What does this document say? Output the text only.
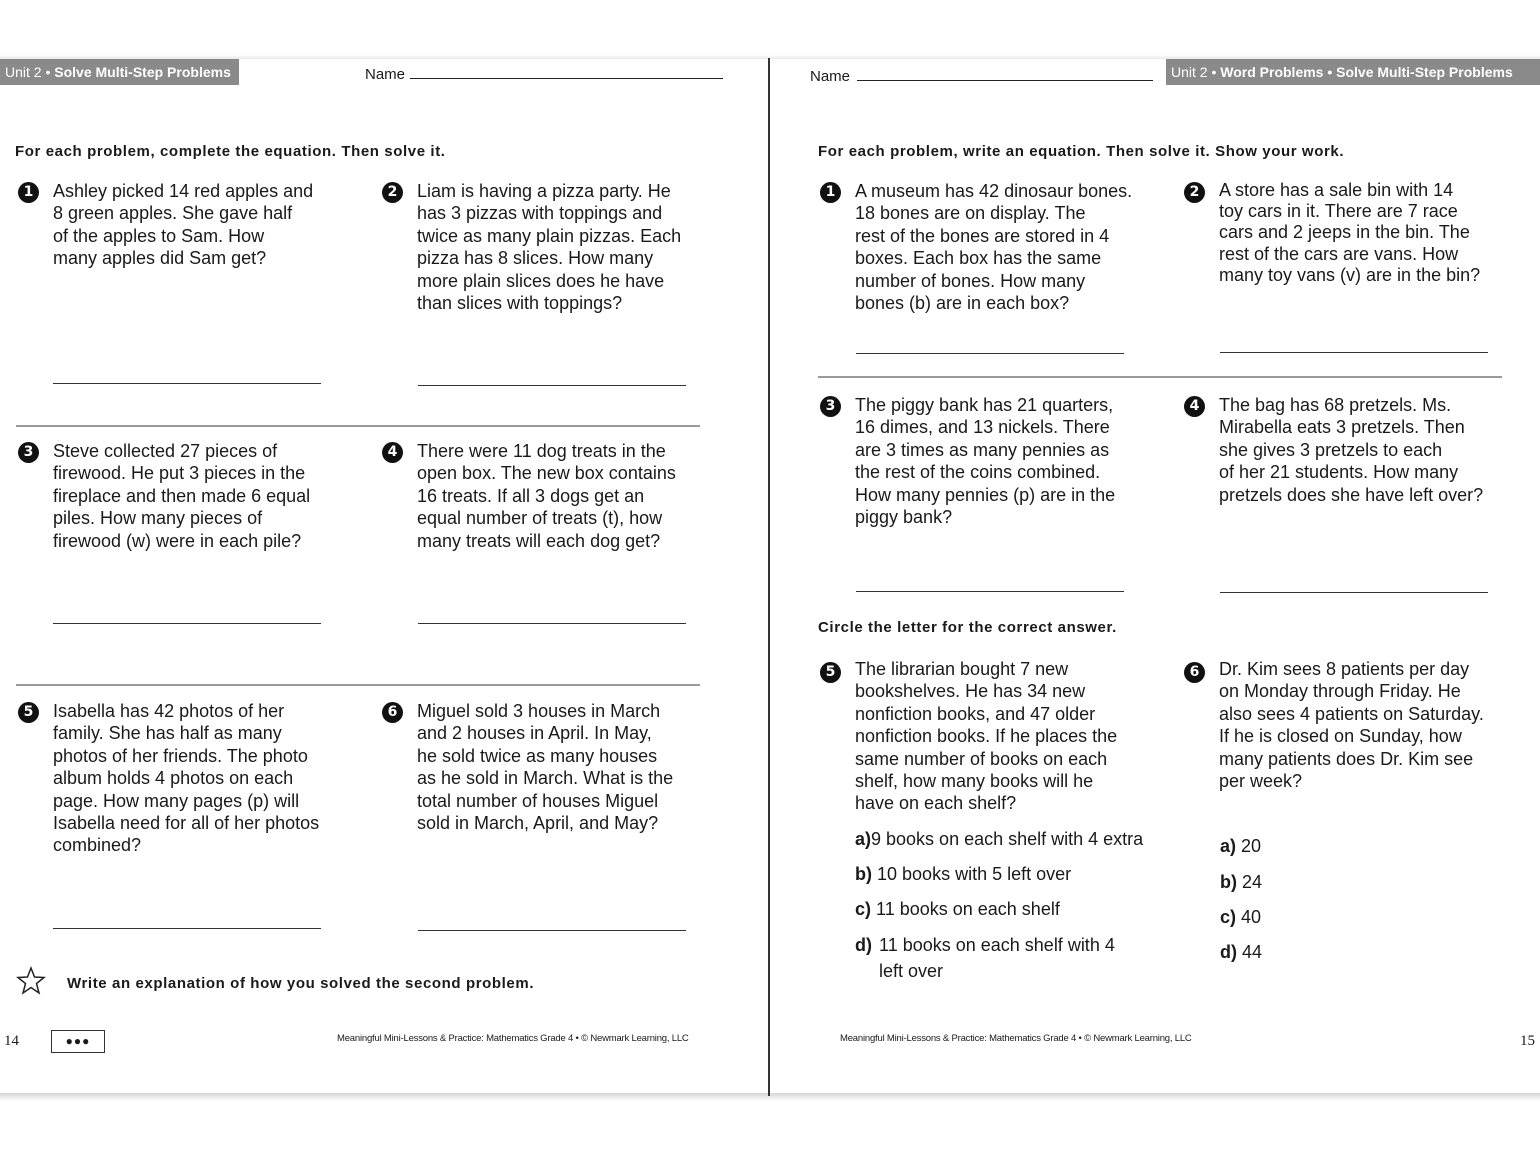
Unit 2 • Solve Multi-Step Problems	Name
For each problem, complete the equation. Then solve it.
1	Ashley picked 14 red apples and
8 green apples. She gave half
of the apples to Sam. How
many apples did Sam get?
2	Liam is having a pizza party. He
has 3 pizzas with toppings and
twice as many plain pizzas. Each
pizza has 8 slices. How many
more plain slices does he have
than slices with toppings?
3	Steve collected 27 pieces of
firewood. He put 3 pieces in the
fireplace and then made 6 equal
piles. How many pieces of
firewood (w) were in each pile?
4	There were 11 dog treats in the
open box. The new box contains
16 treats. If all 3 dogs get an
equal number of treats (t), how
many treats will each dog get?
5	Isabella has 42 photos of her
family. She has half as many
photos of her friends. The photo
album holds 4 photos on each
page. How many pages (p) will
Isabella need for all of her photos
combined?
6	Miguel sold 3 houses in March
and 2 houses in April. In May,
he sold twice as many houses
as he sold in March. What is the
total number of houses Miguel
sold in March, April, and May?
Write an explanation of how you solved the second problem.
14	●●●	Meaningful Mini-Lessons & Practice: Mathematics Grade 4 • © Newmark Learning, LLC
Name	Unit 2 • Word Problems • Solve Multi-Step Problems
For each problem, write an equation. Then solve it. Show your work.
1	A museum has 42 dinosaur bones.
18 bones are on display. The
rest of the bones are stored in 4
boxes. Each box has the same
number of bones. How many
bones (b) are in each box?
2	A store has a sale bin with 14
toy cars in it. There are 7 race
cars and 2 jeeps in the bin. The
rest of the cars are vans. How
many toy vans (v) are in the bin?
3	The piggy bank has 21 quarters,
16 dimes, and 13 nickels. There
are 3 times as many pennies as
the rest of the coins combined.
How many pennies (p) are in the
piggy bank?
4	The bag has 68 pretzels. Ms.
Mirabella eats 3 pretzels. Then
she gives 3 pretzels to each
of her 21 students. How many
pretzels does she have left over?
Circle the letter for the correct answer.
5	The librarian bought 7 new
bookshelves. He has 34 new
nonfiction books, and 47 older
nonfiction books. If he places the
same number of books on each
shelf, how many books will he
have on each shelf?
a)9 books on each shelf with 4 extra
b) 10 books with 5 left over
c) 11 books on each shelf
d) 11 books on each shelf with 4
left over
6	Dr. Kim sees 8 patients per day
on Monday through Friday. He
also sees 4 patients on Saturday.
If he is closed on Sunday, how
many patients does Dr. Kim see
per week?
a) 20
b) 24
c) 40
d) 44
Meaningful Mini-Lessons & Practice: Mathematics Grade 4 • © Newmark Learning, LLC	15
